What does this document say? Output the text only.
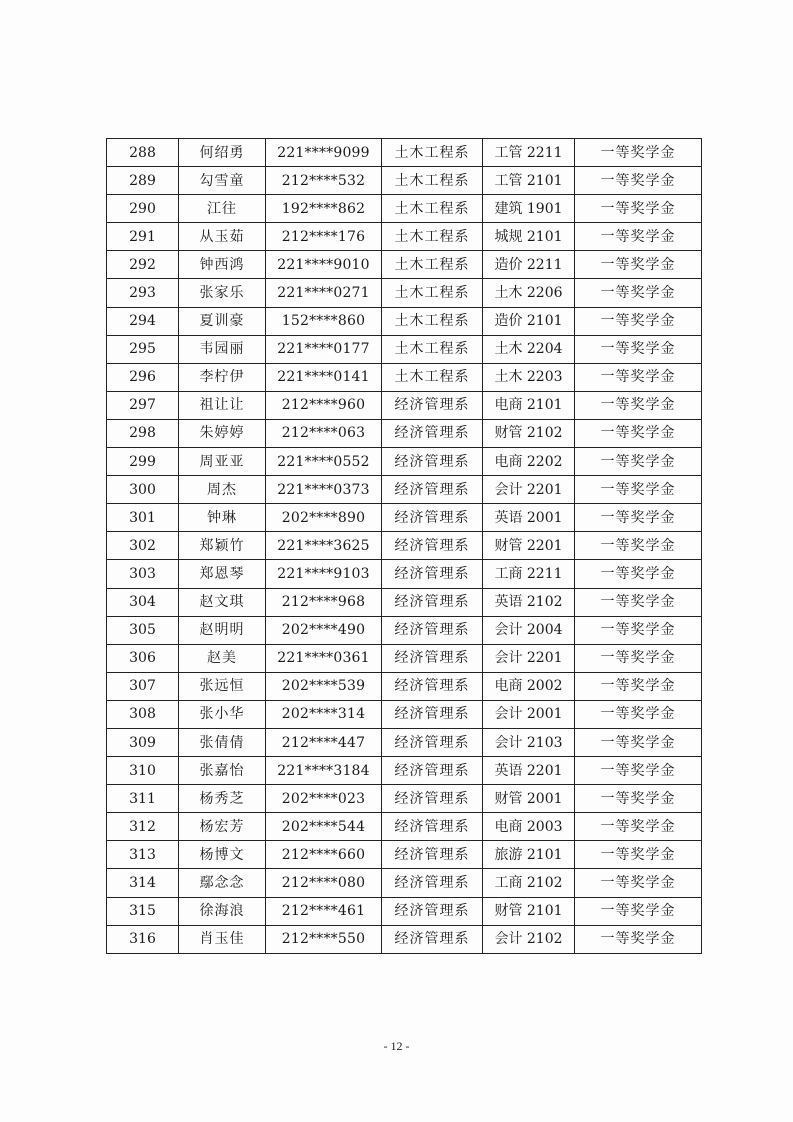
288	何绍勇	221****9099	土木工程系	工管 2211	一等奖学金
289	勾雪童	212****532	土木工程系	工管 2101	一等奖学金
290	江往	192****862	土木工程系	建筑 1901	一等奖学金
291	从玉茹	212****176	土木工程系	城规 2101	一等奖学金
292	钟西鸿	221****9010	土木工程系	造价 2211	一等奖学金
293	张家乐	221****0271	土木工程系	土木 2206	一等奖学金
294	夏训豪	152****860	土木工程系	造价 2101	一等奖学金
295	韦园丽	221****0177	土木工程系	土木 2204	一等奖学金
296	李柠伊	221****0141	土木工程系	土木 2203	一等奖学金
297	祖让让	212****960	经济管理系	电商 2101	一等奖学金
298	朱婷婷	212****063	经济管理系	财管 2102	一等奖学金
299	周亚亚	221****0552	经济管理系	电商 2202	一等奖学金
300	周杰	221****0373	经济管理系	会计 2201	一等奖学金
301	钟琳	202****890	经济管理系	英语 2001	一等奖学金
302	郑颖竹	221****3625	经济管理系	财管 2201	一等奖学金
303	郑恩琴	221****9103	经济管理系	工商 2211	一等奖学金
304	赵文琪	212****968	经济管理系	英语 2102	一等奖学金
305	赵明明	202****490	经济管理系	会计 2004	一等奖学金
306	赵美	221****0361	经济管理系	会计 2201	一等奖学金
307	张远恒	202****539	经济管理系	电商 2002	一等奖学金
308	张小华	202****314	经济管理系	会计 2001	一等奖学金
309	张倩倩	212****447	经济管理系	会计 2103	一等奖学金
310	张嘉怡	221****3184	经济管理系	英语 2201	一等奖学金
311	杨秀芝	202****023	经济管理系	财管 2001	一等奖学金
312	杨宏芳	202****544	经济管理系	电商 2003	一等奖学金
313	杨博文	212****660	经济管理系	旅游 2101	一等奖学金
314	鄢念念	212****080	经济管理系	工商 2102	一等奖学金
315	徐海浪	212****461	经济管理系	财管 2101	一等奖学金
316	肖玉佳	212****550	经济管理系	会计 2102	一等奖学金
- 12 -
